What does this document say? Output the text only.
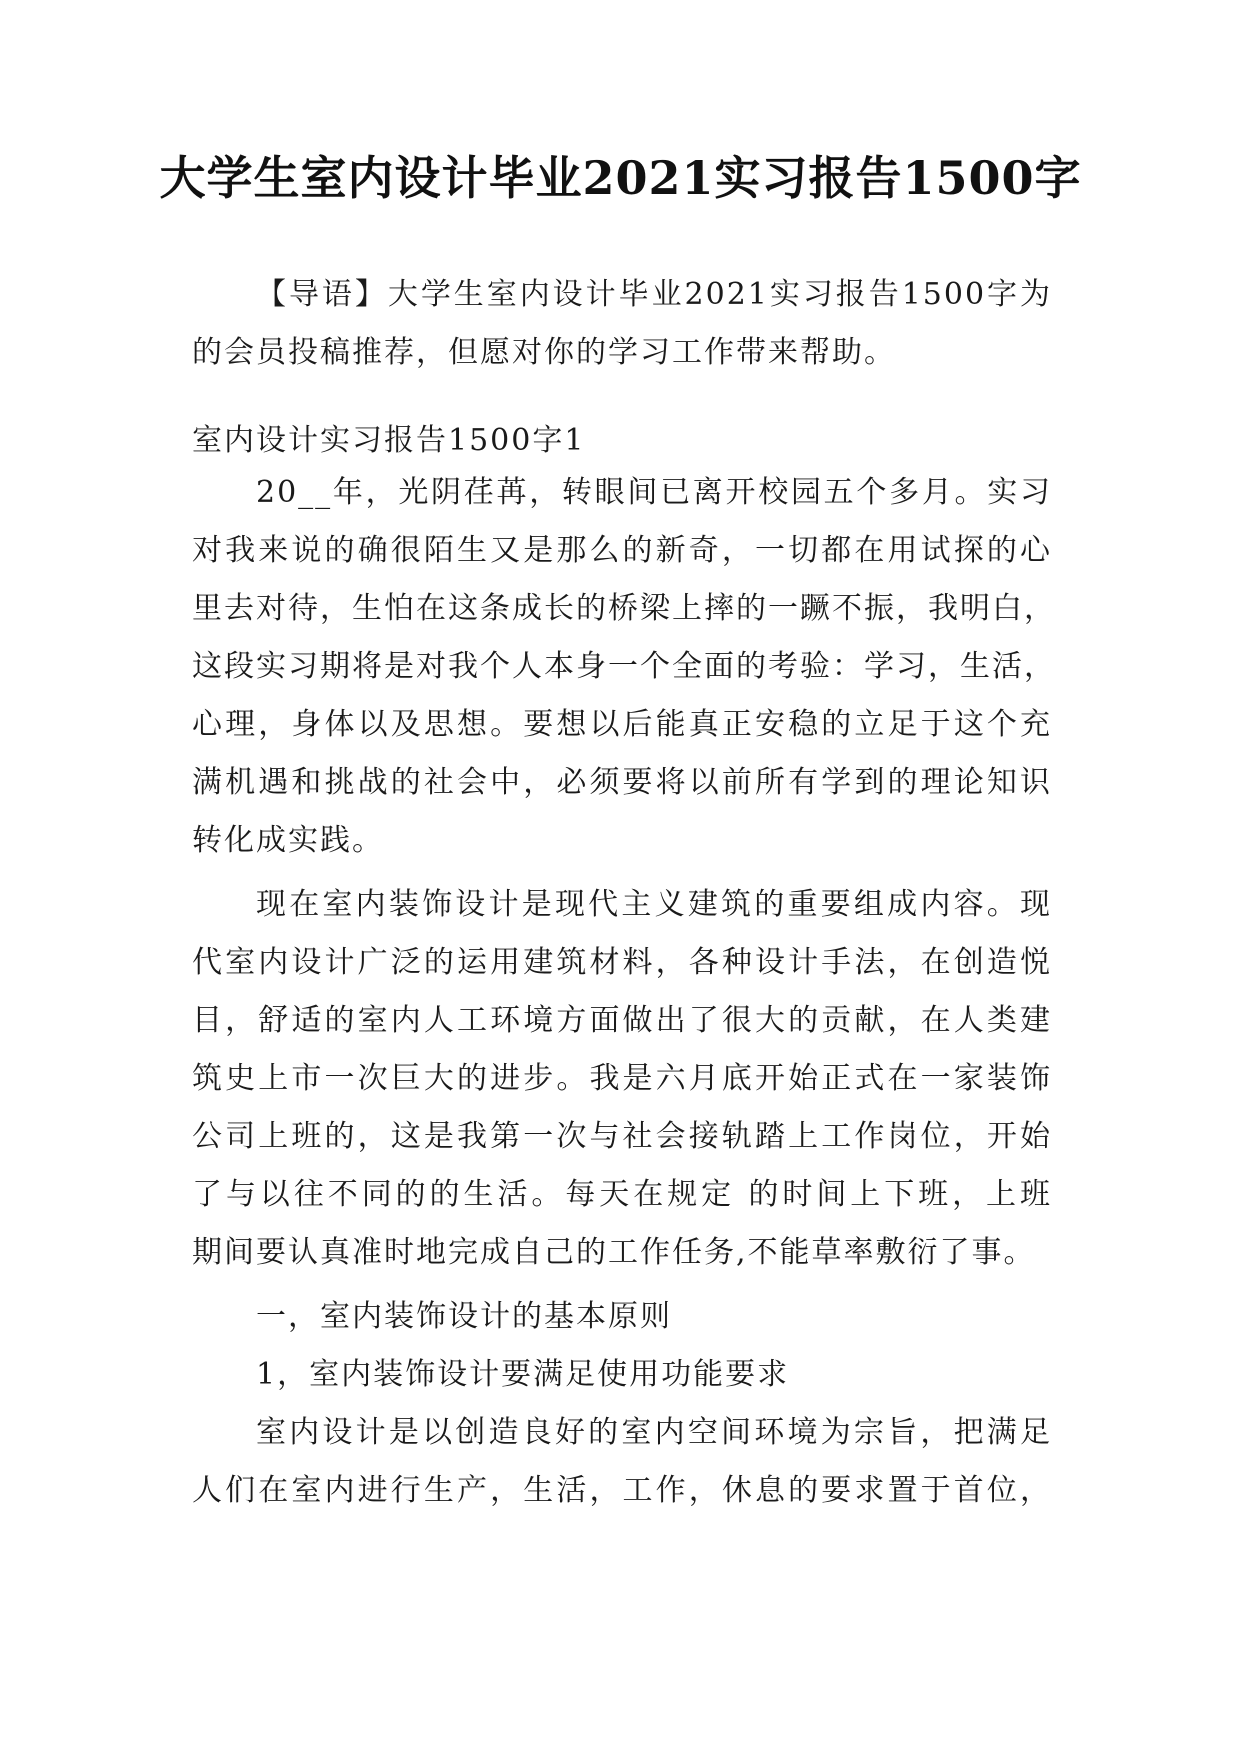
大学生室内设计毕业2021实习报告1500字
【导语】大学生室内设计毕业2021实习报告1500字为
的会员投稿推荐，但愿对你的学习工作带来帮助。
室内设计实习报告1500字1
20__年，光阴荏苒，转眼间已离开校园五个多月。实习
对我来说的确很陌生又是那么的新奇，一切都在用试探的心
里去对待，生怕在这条成长的桥梁上摔的一蹶不振，我明白，
这段实习期将是对我个人本身一个全面的考验：学习，生活，
心理，身体以及思想。要想以后能真正安稳的立足于这个充
满机遇和挑战的社会中，必须要将以前所有学到的理论知识
转化成实践。
现在室内装饰设计是现代主义建筑的重要组成内容。现
代室内设计广泛的运用建筑材料，各种设计手法，在创造悦
目，舒适的室内人工环境方面做出了很大的贡献，在人类建
筑史上市一次巨大的进步。我是六月底开始正式在一家装饰
公司上班的，这是我第一次与社会接轨踏上工作岗位，开始
了与以往不同的的生活。每天在规定 的时间上下班，上班
期间要认真准时地完成自己的工作任务,不能草率敷衍了事。
一，室内装饰设计的基本原则
1，室内装饰设计要满足使用功能要求
室内设计是以创造良好的室内空间环境为宗旨，把满足
人们在室内进行生产，生活，工作，休息的要求置于首位，
